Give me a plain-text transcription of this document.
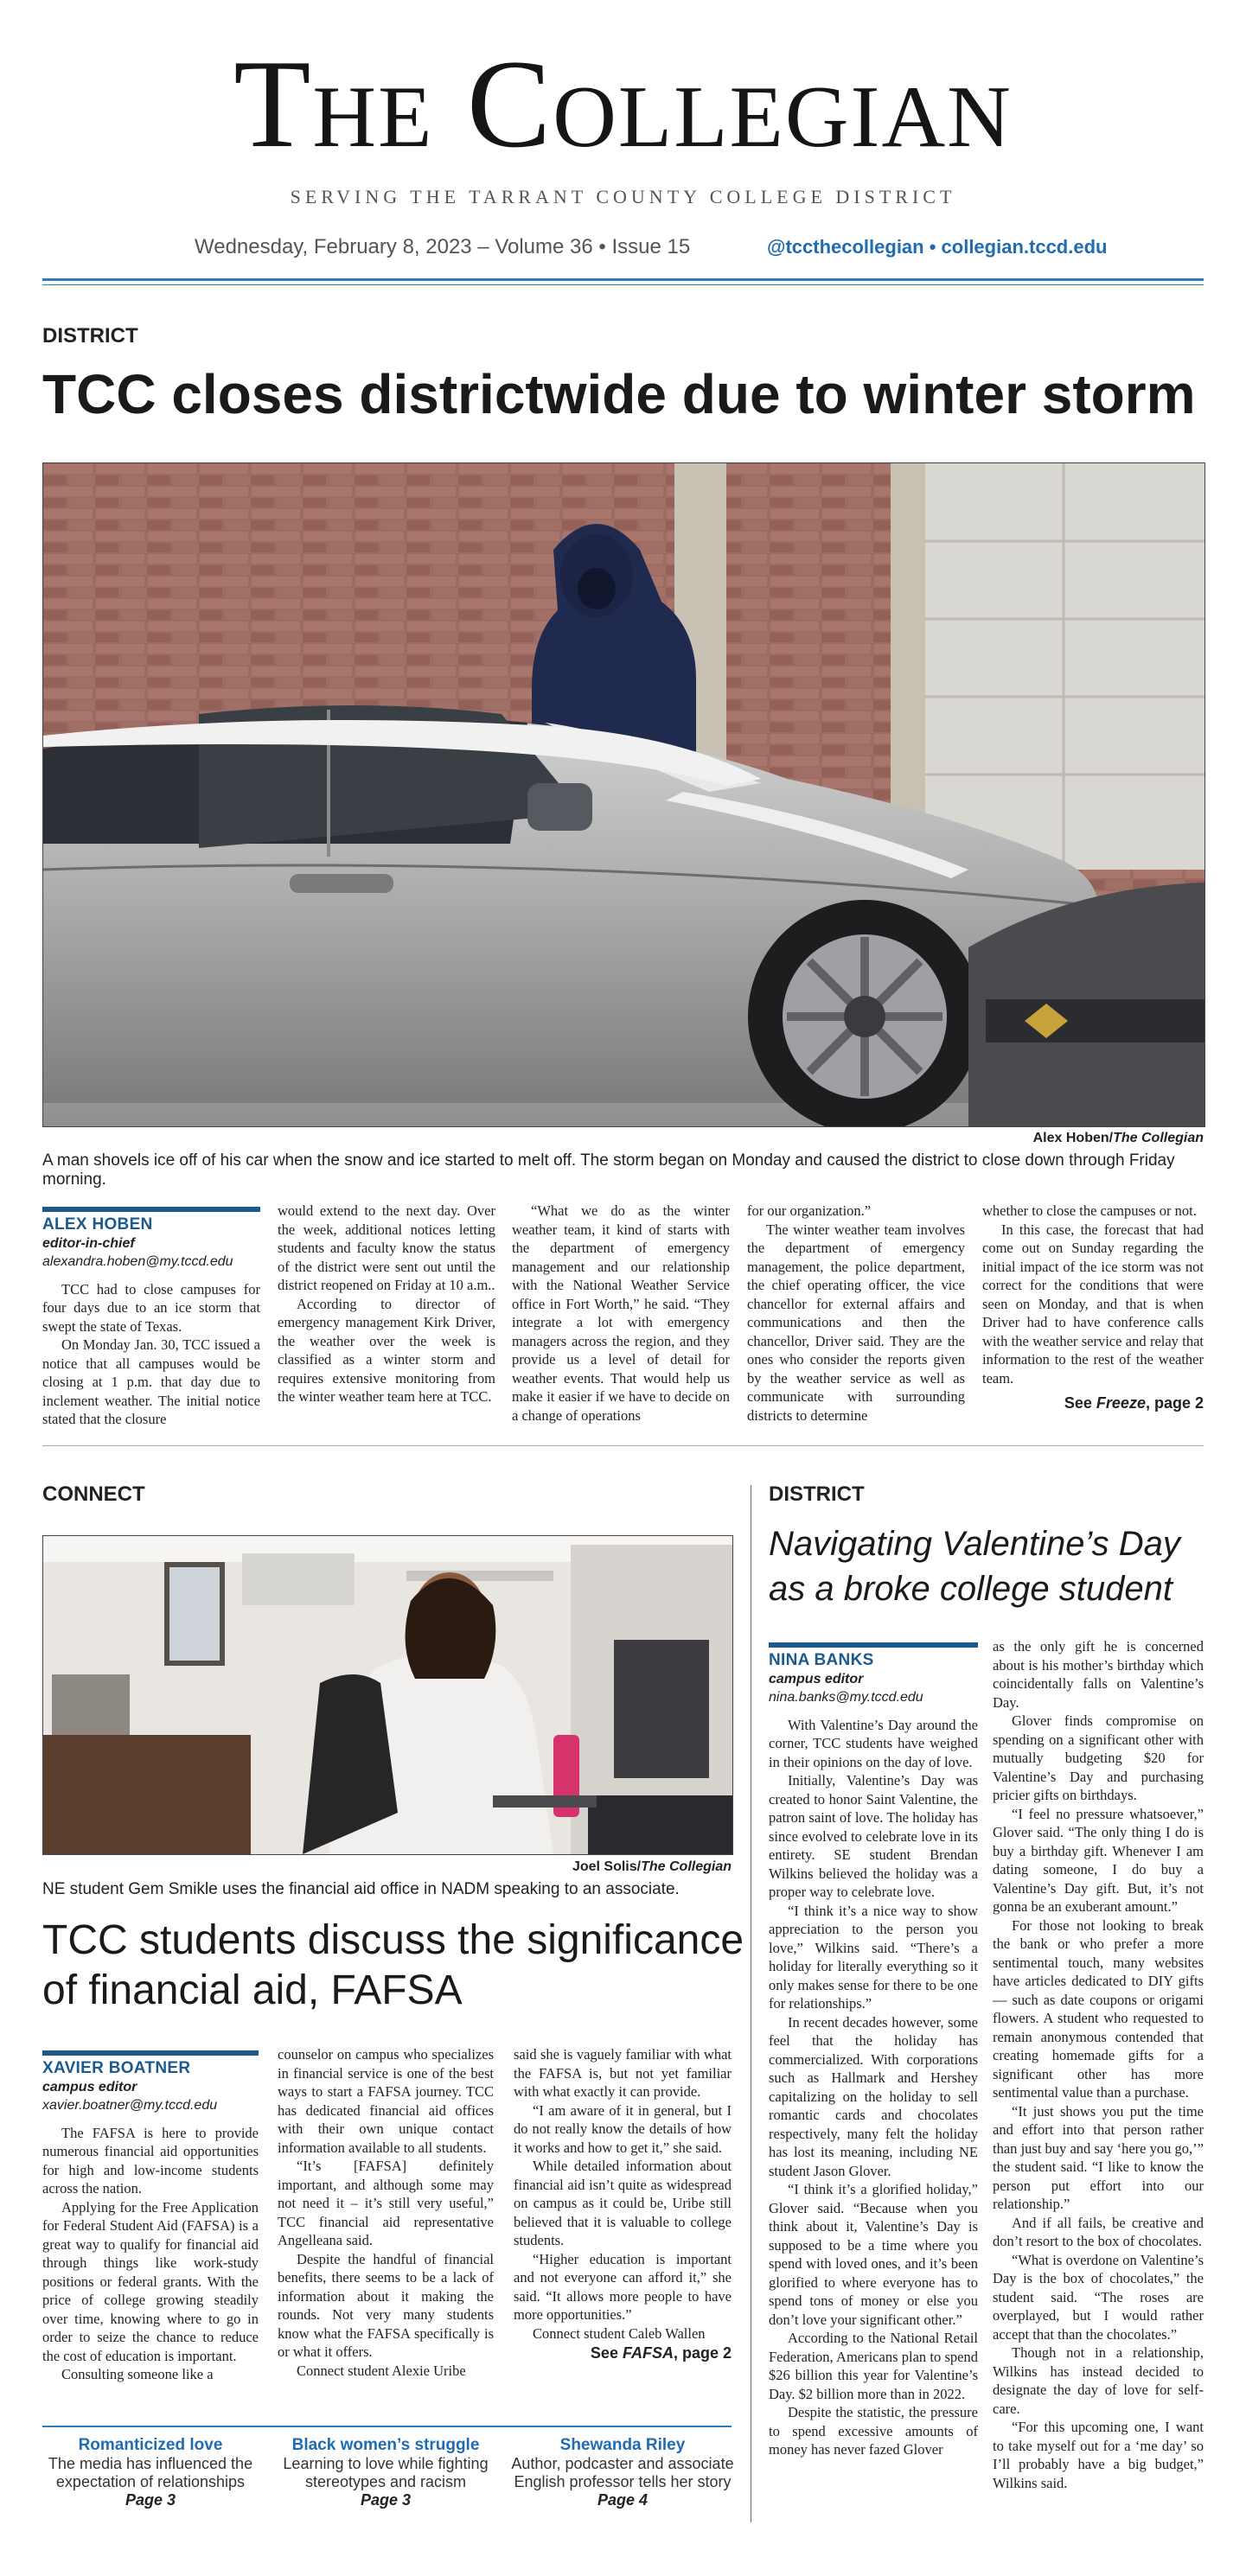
The Collegian
SERVING THE TARRANT COUNTY COLLEGE DISTRICT
Wednesday, February 8, 2023 – Volume 36 • Issue 15	@tccthecollegian • collegian.tccd.edu
DISTRICT
TCC closes districtwide due to winter storm
Alex Hoben/The Collegian
A man shovels ice off of his car when the snow and ice started to melt off. The storm began on Monday and caused the district to close down through Friday morning.
ALEX HOBEN
editor-in-chief
alexandra.hoben@my.tccd.edu

TCC had to close campuses for four days due to an ice storm that swept the state of Texas.

On Monday Jan. 30, TCC issued a notice that all campuses would be closing at 1 p.m. that day due to inclement weather. The initial notice stated that the closure

would extend to the next day. Over the week, additional notices letting students and faculty know the status of the district were sent out until the district reopened on Friday at 10 a.m..

According to director of emergency management Kirk Driver, the weather over the week is classified as a winter storm and requires extensive monitoring from the winter weather team here at TCC.

“What we do as the winter weather team, it kind of starts with the department of emergency management and our relationship with the National Weather Service office in Fort Worth,” he said. “They integrate a lot with emergency managers across the region, and they provide us a level of detail for weather events. That would help us make it easier if we have to decide on a change of operations

for our organization.”

The winter weather team involves the department of emergency management, the police department, the chief operating officer, the vice chancellor for external affairs and communications and then the chancellor, Driver said. They are the ones who consider the reports given by the weather service as well as communicate with surrounding districts to determine

whether to close the campuses or not.

In this case, the forecast that had come out on Sunday regarding the initial impact of the ice storm was not correct for the conditions that were seen on Monday, and that is when Driver had to have conference calls with the weather service and relay that information to the rest of the weather team.

See Freeze, page 2
CONNECT
Joel Solis/The Collegian
NE student Gem Smikle uses the financial aid office in NADM speaking to an associate.
TCC students discuss the significance of financial aid, FAFSA
XAVIER BOATNER
campus editor
xavier.boatner@my.tccd.edu

The FAFSA is here to provide numerous financial aid opportunities for high and low-income students across the nation.

Applying for the Free Application for Federal Student Aid (FAFSA) is a great way to qualify for financial aid through things like work-study positions or federal grants. With the price of college growing steadily over time, knowing where to go in order to seize the chance to reduce the cost of education is important.

Consulting someone like a

counselor on campus who specializes in financial service is one of the best ways to start a FAFSA journey. TCC has dedicated financial aid offices with their own unique contact information available to all students.

“It’s [FAFSA] definitely important, and although some may not need it – it’s still very useful,” TCC financial aid representative Angelleana said.

Despite the handful of financial benefits, there seems to be a lack of information about it making the rounds. Not very many students know what the FAFSA specifically is or what it offers.

Connect student Alexie Uribe

said she is vaguely familiar with what the FAFSA is, but not yet familiar with what exactly it can provide.

“I am aware of it in general, but I do not really know the details of how it works and how to get it,” she said.

While detailed information about financial aid isn’t quite as widespread on campus as it could be, Uribe still believed that it is valuable to college students.

“Higher education is important and not everyone can afford it,” she said. “It allows more people to have more opportunities.”

Connect student Caleb Wallen

See FAFSA, page 2
Romanticized love
The media has influenced the expectation of relationships
Page 3
Black women’s struggle
Learning to love while fighting stereotypes and racism
Page 3
Shewanda Riley
Author, podcaster and associate English professor tells her story
Page 4
DISTRICT
Navigating Valentine’s Day as a broke college student
NINA BANKS
campus editor
nina.banks@my.tccd.edu

With Valentine’s Day around the corner, TCC students have weighed in their opinions on the day of love.

Initially, Valentine’s Day was created to honor Saint Valentine, the patron saint of love. The holiday has since evolved to celebrate love in its entirety. SE student Brendan Wilkins believed the holiday was a proper way to celebrate love.

“I think it’s a nice way to show appreciation to the person you love,” Wilkins said. “There’s a holiday for literally everything so it only makes sense for there to be one for relationships.”

In recent decades however, some feel that the holiday has commercialized. With corporations such as Hallmark and Hershey capitalizing on the holiday to sell romantic cards and chocolates respectively, many felt the holiday has lost its meaning, including NE student Jason Glover.

“I think it’s a glorified holiday,” Glover said. “Because when you think about it, Valentine’s Day is supposed to be a time where you spend with loved ones, and it’s been glorified to where everyone has to spend tons of money or else you don’t love your significant other.”

According to the National Retail Federation, Americans plan to spend $26 billion this year for Valentine’s Day. $2 billion more than in 2022.

Despite the statistic, the pressure to spend excessive amounts of money has never fazed Glover

as the only gift he is concerned about is his mother’s birthday which coincidentally falls on Valentine’s Day.

Glover finds compromise on spending on a significant other with mutually budgeting $20 for Valentine’s Day and purchasing pricier gifts on birthdays.

“I feel no pressure whatsoever,” Glover said. “The only thing I do is buy a birthday gift. Whenever I am dating someone, I do buy a Valentine’s Day gift. But, it’s not gonna be an exuberant amount.”

For those not looking to break the bank or who prefer a more sentimental touch, many websites have articles dedicated to DIY gifts — such as date coupons or origami flowers. A student who requested to remain anonymous contended that creating homemade gifts for a significant other has more sentimental value than a purchase.

“It just shows you put the time and effort into that person rather than just buy and say ‘here you go,’” the student said. “I like to know the person put effort into our relationship.”

And if all fails, be creative and don’t resort to the box of chocolates.

“What is overdone on Valentine’s Day is the box of chocolates,” the student said. “The roses are overplayed, but I would rather accept that than the chocolates.”

Though not in a relationship, Wilkins has instead decided to designate the day of love for self-care.

“For this upcoming one, I want to take myself out for a ‘me day’ so I’ll probably have a big budget,” Wilkins said.
